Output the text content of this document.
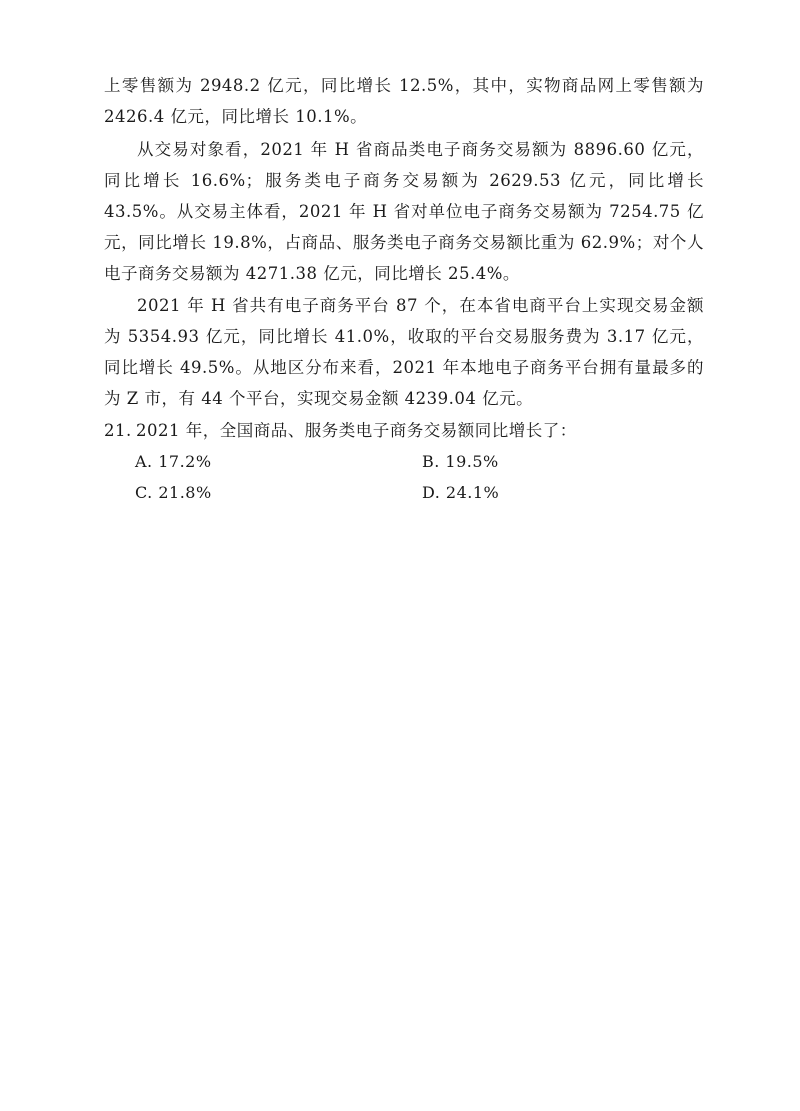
上零售额为 2948.2 亿元，同比增长 12.5%，其中，实物商品网上零售额为 2426.4 亿元，同比增长 10.1%。

从交易对象看，2021 年 H 省商品类电子商务交易额为 8896.60 亿元，同比增长 16.6%；服务类电子商务交易额为 2629.53 亿元，同比增长 43.5%。从交易主体看，2021 年 H 省对单位电子商务交易额为 7254.75 亿元，同比增长 19.8%，占商品、服务类电子商务交易额比重为 62.9%；对个人电子商务交易额为 4271.38 亿元，同比增长 25.4%。

2021 年 H 省共有电子商务平台 87 个，在本省电商平台上实现交易金额为 5354.93 亿元，同比增长 41.0%，收取的平台交易服务费为 3.17 亿元，同比增长 49.5%。从地区分布来看，2021 年本地电子商务平台拥有量最多的为 Z 市，有 44 个平台，实现交易金额 4239.04 亿元。

21. 2021 年，全国商品、服务类电子商务交易额同比增长了：
A. 17.2%	B. 19.5%
C. 21.8%	D. 24.1%
